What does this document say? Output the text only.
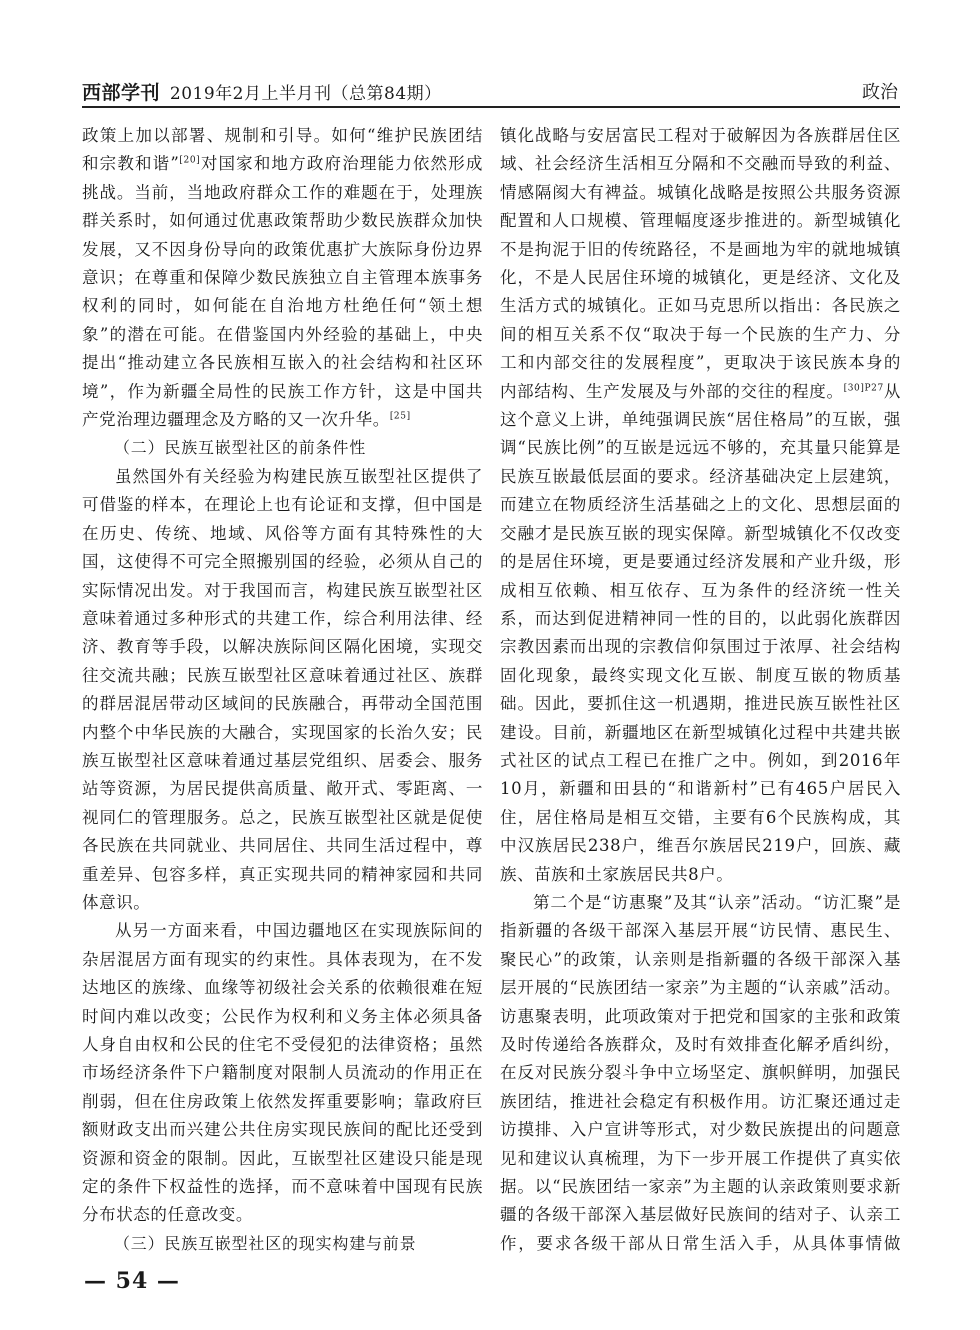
西部学刊 2019年2月上半月刊（总第84期）	政治

政策上加以部署、规制和引导。如何“维护民族团结和宗教和谐”[20]对国家和地方政府治理能力依然形成挑战。当前，当地政府群众工作的难题在于，处理族群关系时，如何通过优惠政策帮助少数民族群众加快发展，又不因身份导向的政策优惠扩大族际身份边界意识；在尊重和保障少数民族独立自主管理本族事务权利的同时，如何能在自治地方杜绝任何“领土想象”的潜在可能。在借鉴国内外经验的基础上，中央提出“推动建立各民族相互嵌入的社会结构和社区环境”，作为新疆全局性的民族工作方针，这是中国共产党治理边疆理念及方略的又一次升华。[25]

（二）民族互嵌型社区的前条件性

虽然国外有关经验为构建民族互嵌型社区提供了可借鉴的样本，在理论上也有论证和支撑，但中国是在历史、传统、地域、风俗等方面有其特殊性的大国，这使得不可完全照搬别国的经验，必须从自己的实际情况出发。对于我国而言，构建民族互嵌型社区意味着通过多种形式的共建工作，综合利用法律、经济、教育等手段，以解决族际间区隔化困境，实现交往交流共融；民族互嵌型社区意味着通过社区、族群的群居混居带动区域间的民族融合，再带动全国范围内整个中华民族的大融合，实现国家的长治久安；民族互嵌型社区意味着通过基层党组织、居委会、服务站等资源，为居民提供高质量、敞开式、零距离、一视同仁的管理服务。总之，民族互嵌型社区就是促使各民族在共同就业、共同居住、共同生活过程中，尊重差异、包容多样，真正实现共同的精神家园和共同体意识。

从另一方面来看，中国边疆地区在实现族际间的杂居混居方面有现实的约束性。具体表现为，在不发达地区的族缘、血缘等初级社会关系的依赖很难在短时间内难以改变；公民作为权利和义务主体必须具备人身自由权和公民的住宅不受侵犯的法律资格；虽然市场经济条件下户籍制度对限制人员流动的作用正在削弱，但在住房政策上依然发挥重要影响；靠政府巨额财政支出而兴建公共住房实现民族间的配比还受到资源和资金的限制。因此，互嵌型社区建设只能是现定的条件下权益性的选择，而不意味着中国现有民族分布状态的任意改变。

（三）民族互嵌型社区的现实构建与前景

镇化战略与安居富民工程对于破解因为各族群居住区域、社会经济生活相互分隔和不交融而导致的利益、情感隔阂大有裨益。城镇化战略是按照公共服务资源配置和人口规模、管理幅度逐步推进的。新型城镇化不是拘泥于旧的传统路径，不是画地为牢的就地城镇化，不是人民居住环境的城镇化，更是经济、文化及生活方式的城镇化。正如马克思所以指出：各民族之间的相互关系不仅“取决于每一个民族的生产力、分工和内部交往的发展程度”，更取决于该民族本身的内部结构、生产发展及与外部的交往的程度。$^{[30]P27}$从这个意义上讲，单纯强调民族“居住格局”的互嵌，强调“民族比例”的互嵌是远远不够的，充其量只能算是民族互嵌最低层面的要求。经济基础决定上层建筑，而建立在物质经济生活基础之上的文化、思想层面的交融才是民族互嵌的现实保障。新型城镇化不仅改变的是居住环境，更是要通过经济发展和产业升级，形成相互依赖、相互依存、互为条件的经济统一性关系，而达到促进精神同一性的目的，以此弱化族群因宗教因素而出现的宗教信仰氛围过于浓厚、社会结构固化现象，最终实现文化互嵌、制度互嵌的物质基础。因此，要抓住这一机遇期，推进民族互嵌性社区建设。目前，新疆地区在新型城镇化过程中共建共嵌式社区的试点工程已在推广之中。例如，到2016年10月，新疆和田县的“和谐新村”已有465户居民入住，居住格局是相互交错，主要有6个民族构成，其中汉族居民238户，维吾尔族居民219户，回族、藏族、苗族和土家族居民共8户。

第二个是“访惠聚”及其“认亲”活动。“访汇聚”是指新疆的各级干部深入基层开展“访民情、惠民生、聚民心”的政策，认亲则是指新疆的各级干部深入基层开展的“民族团结一家亲”为主题的“认亲戚”活动。访惠聚表明，此项政策对于把党和国家的主张和政策及时传递给各族群众，及时有效排查化解矛盾纠纷，在反对民族分裂斗争中立场坚定、旗帜鲜明，加强民族团结，推进社会稳定有积极作用。访汇聚还通过走访摸排、入户宣讲等形式，对少数民族提出的问题意见和建议认真梳理，为下一步开展工作提供了真实依据。以“民族团结一家亲”为主题的认亲政策则要求新疆的各级干部深入基层做好民族间的结对子、认亲工作，要求各级干部从日常生活入手，从具体事情做

— 54 —
